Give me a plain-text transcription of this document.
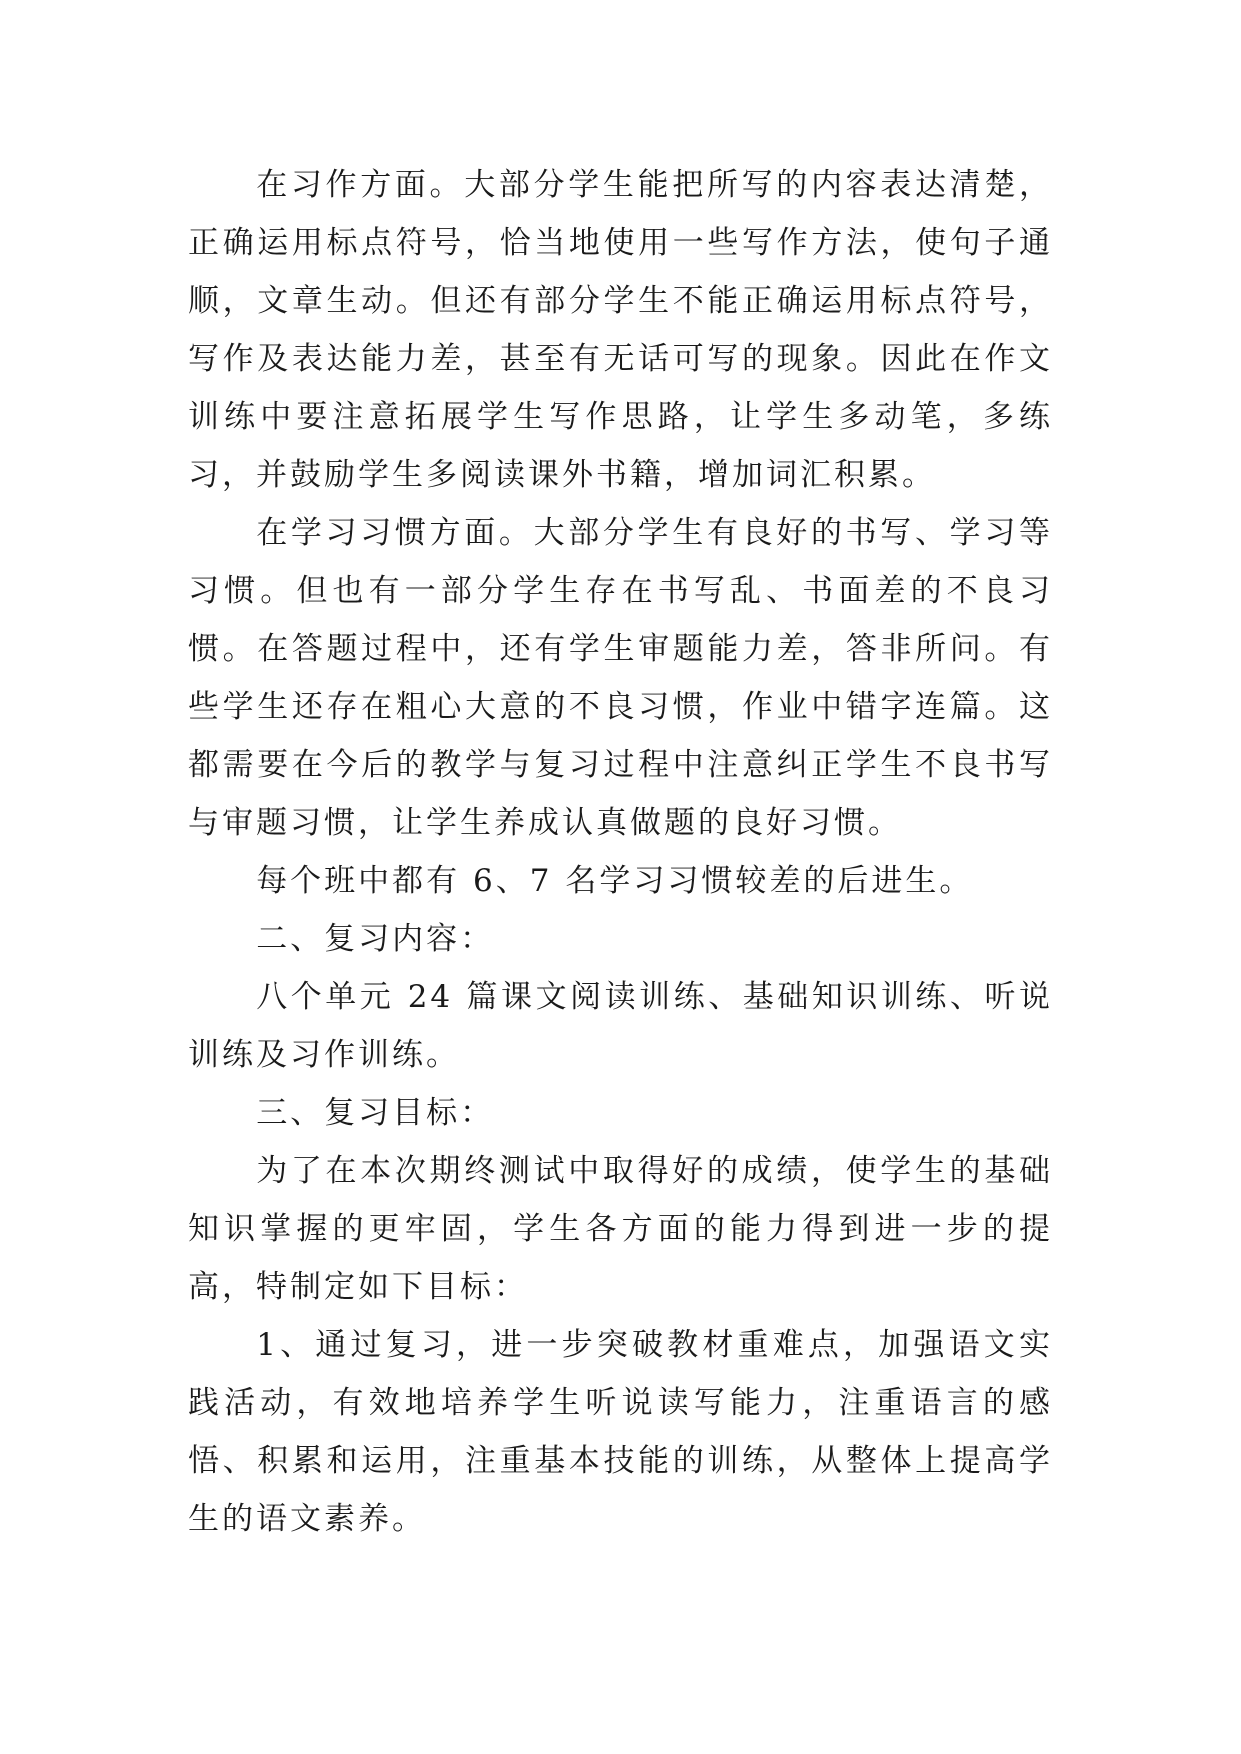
在习作方面。大部分学生能把所写的内容表达清楚，正确运用标点符号，恰当地使用一些写作方法，使句子通顺，文章生动。但还有部分学生不能正确运用标点符号，写作及表达能力差，甚至有无话可写的现象。因此在作文训练中要注意拓展学生写作思路，让学生多动笔，多练习，并鼓励学生多阅读课外书籍，增加词汇积累。

在学习习惯方面。大部分学生有良好的书写、学习等习惯。但也有一部分学生存在书写乱、书面差的不良习惯。在答题过程中，还有学生审题能力差，答非所问。有些学生还存在粗心大意的不良习惯，作业中错字连篇。这都需要在今后的教学与复习过程中注意纠正学生不良书写与审题习惯，让学生养成认真做题的良好习惯。

每个班中都有 6、7 名学习习惯较差的后进生。

二、复习内容：

八个单元 24 篇课文阅读训练、基础知识训练、听说训练及习作训练。

三、复习目标：

为了在本次期终测试中取得好的成绩，使学生的基础知识掌握的更牢固，学生各方面的能力得到进一步的提高，特制定如下目标：

1、通过复习，进一步突破教材重难点，加强语文实践活动，有效地培养学生听说读写能力，注重语言的感悟、积累和运用，注重基本技能的训练，从整体上提高学生的语文素养。
